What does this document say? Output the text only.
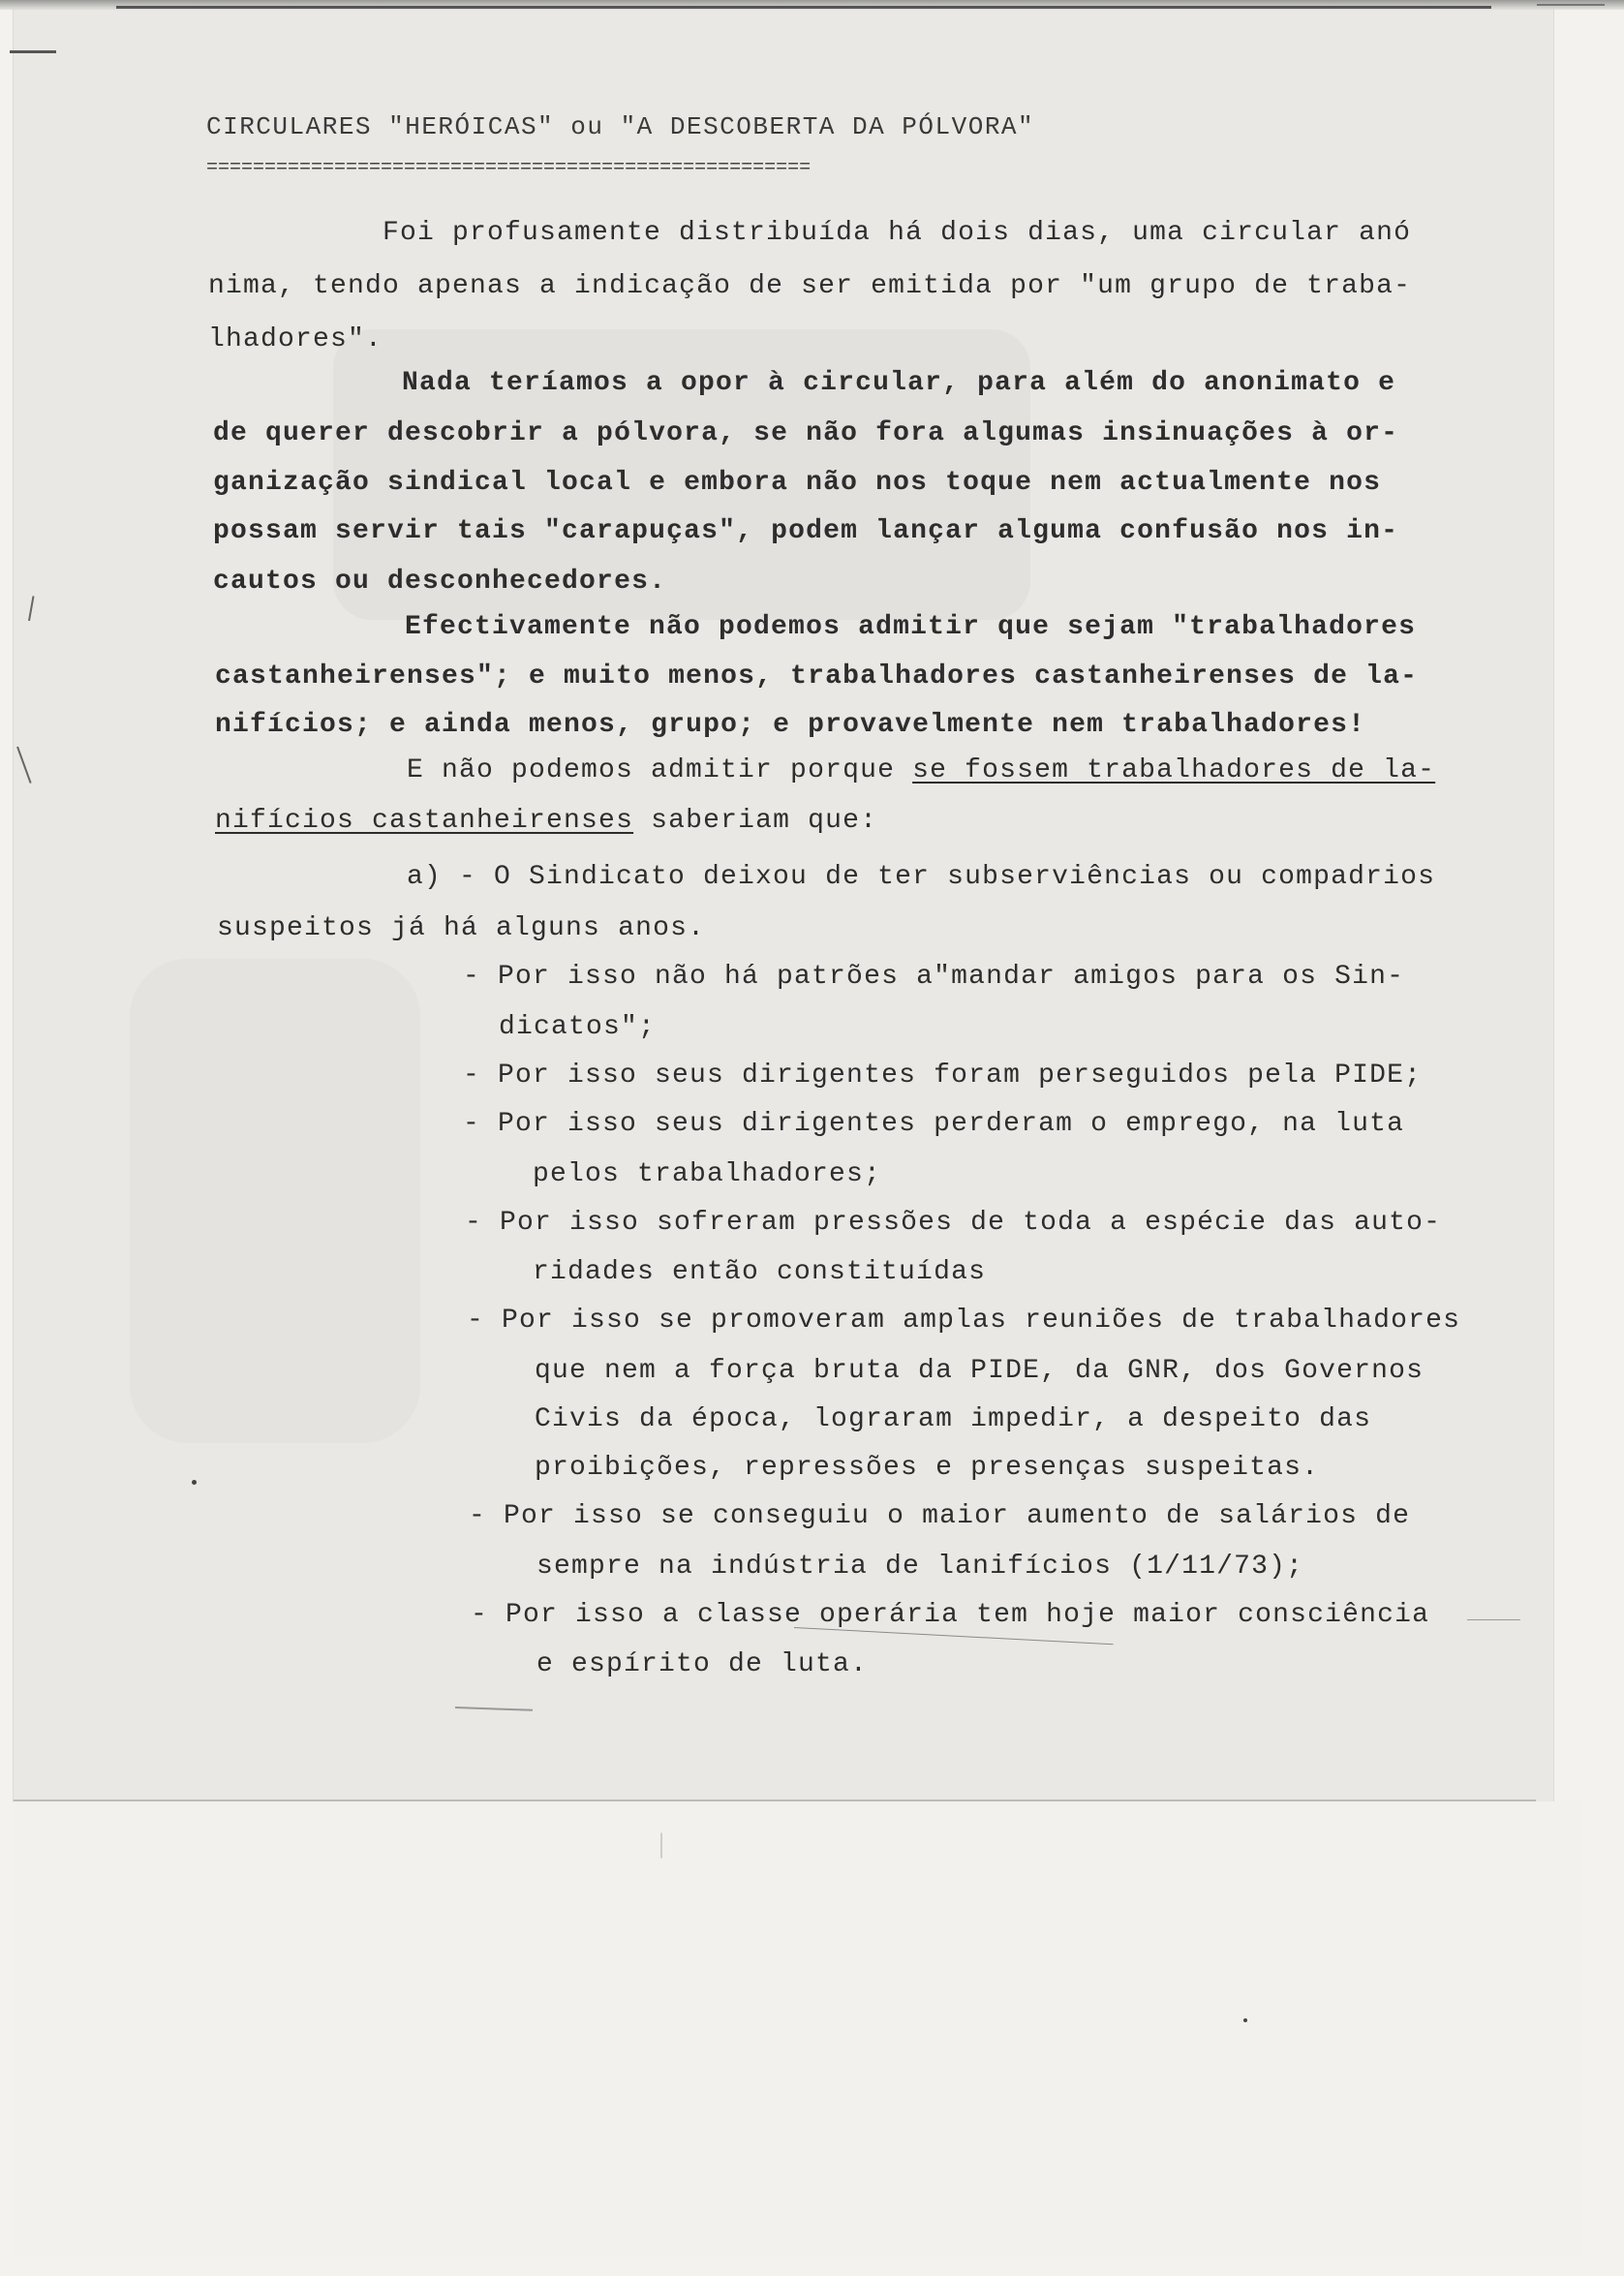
CIRCULARES "HERÓICAS" ou "A DESCOBERTA DA PÓLVORA"
====================================================
Foi profusamente distribuída há dois dias, uma circular anó
nima, tendo apenas a indicação de ser emitida por "um grupo de traba-
lhadores".
Nada teríamos a opor à circular, para além do anonimato e
de querer descobrir a pólvora, se não fora algumas insinuações à or-
ganização sindical local e embora não nos toque nem actualmente nos
possam servir tais "carapuças", podem lançar alguma confusão nos in-
cautos ou desconhecedores.
Efectivamente não podemos admitir que sejam "trabalhadores
castanheirenses"; e muito menos, trabalhadores castanheirenses de la-
nifícios; e ainda menos, grupo; e provavelmente nem trabalhadores!
E não podemos admitir porque se fossem trabalhadores de la-
nifícios castanheirenses saberiam que:
a) - O Sindicato deixou de ter subserviências ou compadrios
suspeitos já há alguns anos.
- Por isso não há patrões a"mandar amigos para os Sin-
dicatos";
- Por isso seus dirigentes foram perseguidos pela PIDE;
- Por isso seus dirigentes perderam o emprego, na luta
pelos trabalhadores;
- Por isso sofreram pressões de toda a espécie das auto-
ridades então constituídas
- Por isso se promoveram amplas reuniões de trabalhadores
que nem a força bruta da PIDE, da GNR, dos Governos
Civis da época, lograram impedir, a despeito das
proibições, repressões e presenças suspeitas.
- Por isso se conseguiu o maior aumento de salários de
sempre na indústria de lanifícios (1/11/73);
- Por isso a classe operária tem hoje maior consciência
e espírito de luta.
